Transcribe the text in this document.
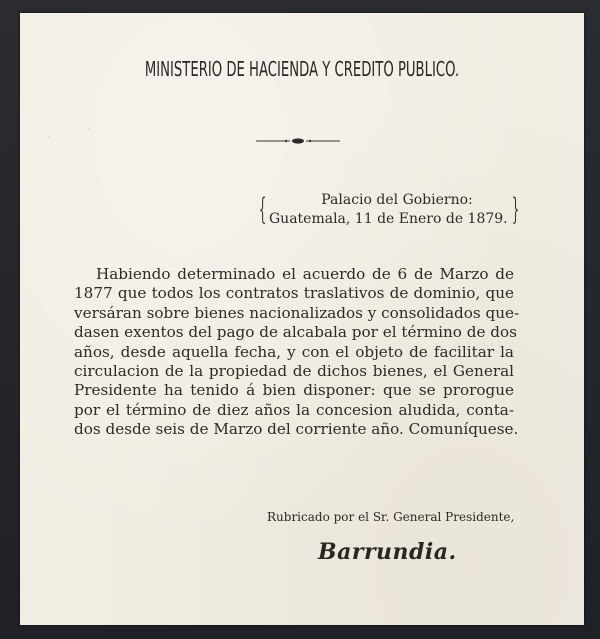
·
·
MINISTERIO DE HACIENDA Y CREDITO PUBLICO.
{	Palacio del Gobierno:
Guatemala, 11 de Enero de 1879. }
Habiendo determinado el acuerdo de 6 de Marzo de
1877 que todos los contratos traslativos de dominio, que
versáran sobre bienes nacionalizados y consolidados que-
dasen exentos del pago de alcabala por el término de dos
años, desde aquella fecha, y con el objeto de facilitar la
circulacion de la propiedad de dichos bienes, el General
Presidente ha tenido á bien disponer: que se prorogue
por el término de diez años la concesion aludida, conta-
dos desde seis de Marzo del corriente año. Comuníquese.
Rubricado por el Sr. General Presidente,
Barrundia.
